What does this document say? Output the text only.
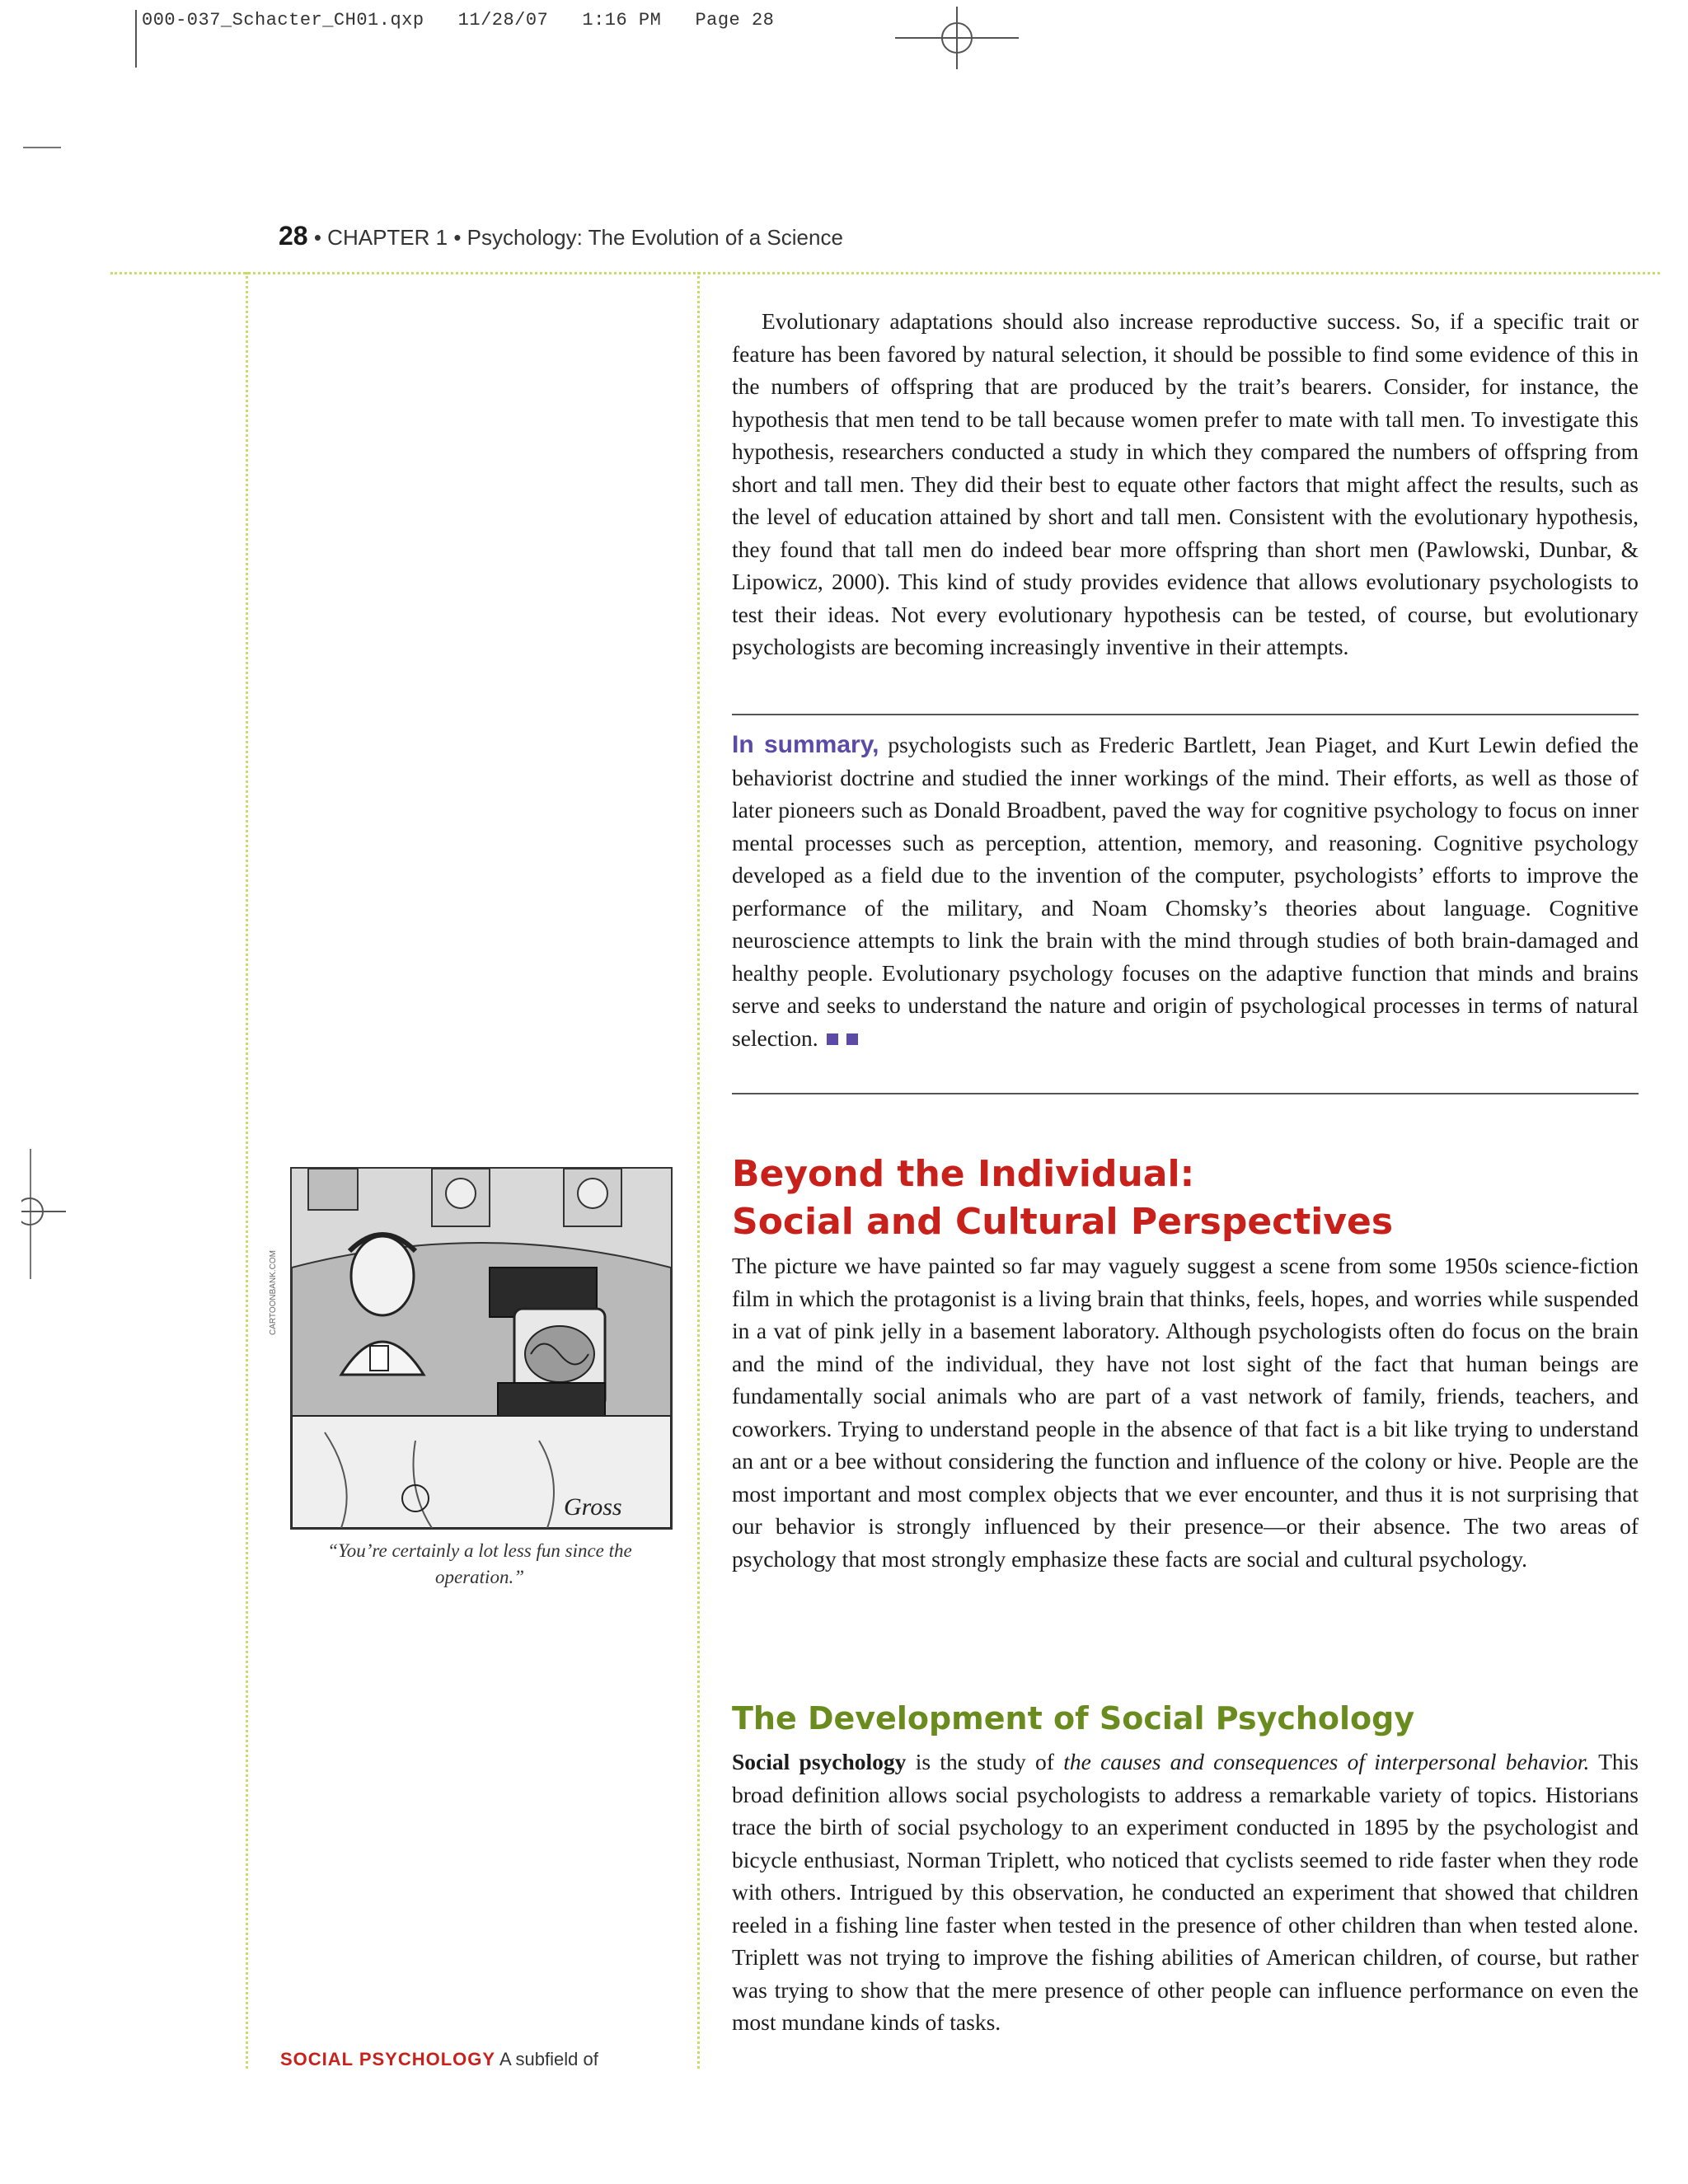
000-037_Schacter_CH01.qxp 11/28/07 1:16 PM Page 28
28 • CHAPTER 1 • Psychology: The Evolution of a Science

Evolutionary adaptations should also increase reproductive success. So, if a specific trait or feature has been favored by natural selection, it should be possible to find some evidence of this in the numbers of offspring that are produced by the trait’s bearers. Consider, for instance, the hypothesis that men tend to be tall because women prefer to mate with tall men. To investigate this hypothesis, researchers conducted a study in which they compared the numbers of offspring from short and tall men. They did their best to equate other factors that might affect the results, such as the level of education attained by short and tall men. Consistent with the evolutionary hypothesis, they found that tall men do indeed bear more offspring than short men (Pawlowski, Dunbar, & Lipowicz, 2000). This kind of study provides evidence that allows evolutionary psychologists to test their ideas. Not every evolutionary hypothesis can be tested, of course, but evolutionary psychologists are becoming increasingly inventive in their attempts.

In summary, psychologists such as Frederic Bartlett, Jean Piaget, and Kurt Lewin defied the behaviorist doctrine and studied the inner workings of the mind. Their efforts, as well as those of later pioneers such as Donald Broadbent, paved the way for cognitive psychology to focus on inner mental processes such as perception, attention, memory, and reasoning. Cognitive psychology developed as a field due to the invention of the computer, psychologists’ efforts to improve the performance of the military, and Noam Chomsky’s theories about language. Cognitive neuroscience attempts to link the brain with the mind through studies of both brain-damaged and healthy people. Evolutionary psychology focuses on the adaptive function that minds and brains serve and seeks to understand the nature and origin of psychological processes in terms of natural selection.

Beyond the Individual:
Social and Cultural Perspectives

The picture we have painted so far may vaguely suggest a scene from some 1950s science-fiction film in which the protagonist is a living brain that thinks, feels, hopes, and worries while suspended in a vat of pink jelly in a basement laboratory. Although psychologists often do focus on the brain and the mind of the individual, they have not lost sight of the fact that human beings are fundamentally social animals who are part of a vast network of family, friends, teachers, and coworkers. Trying to understand people in the absence of that fact is a bit like trying to understand an ant or a bee without considering the function and influence of the colony or hive. People are the most important and most complex objects that we ever encounter, and thus it is not surprising that our behavior is strongly influenced by their presence—or their absence. The two areas of psychology that most strongly emphasize these facts are social and cultural psychology.

The Development of Social Psychology

Social psychology is the study of the causes and consequences of interpersonal behavior. This broad definition allows social psychologists to address a remarkable variety of topics. Historians trace the birth of social psychology to an experiment conducted in 1895 by the psychologist and bicycle enthusiast, Norman Triplett, who noticed that cyclists seemed to ride faster when they rode with others. Intrigued by this observation, he conducted an experiment that showed that children reeled in a fishing line faster when tested in the presence of other children than when tested alone. Triplett was not trying to improve the fishing abilities of American children, of course, but rather was trying to show that the mere presence of other people can influence performance on even the most mundane kinds of tasks.

Gross
CARTOONBANK.COM
“You’re certainly a lot less fun since the operation.”
SOCIAL PSYCHOLOGY A subfield of
